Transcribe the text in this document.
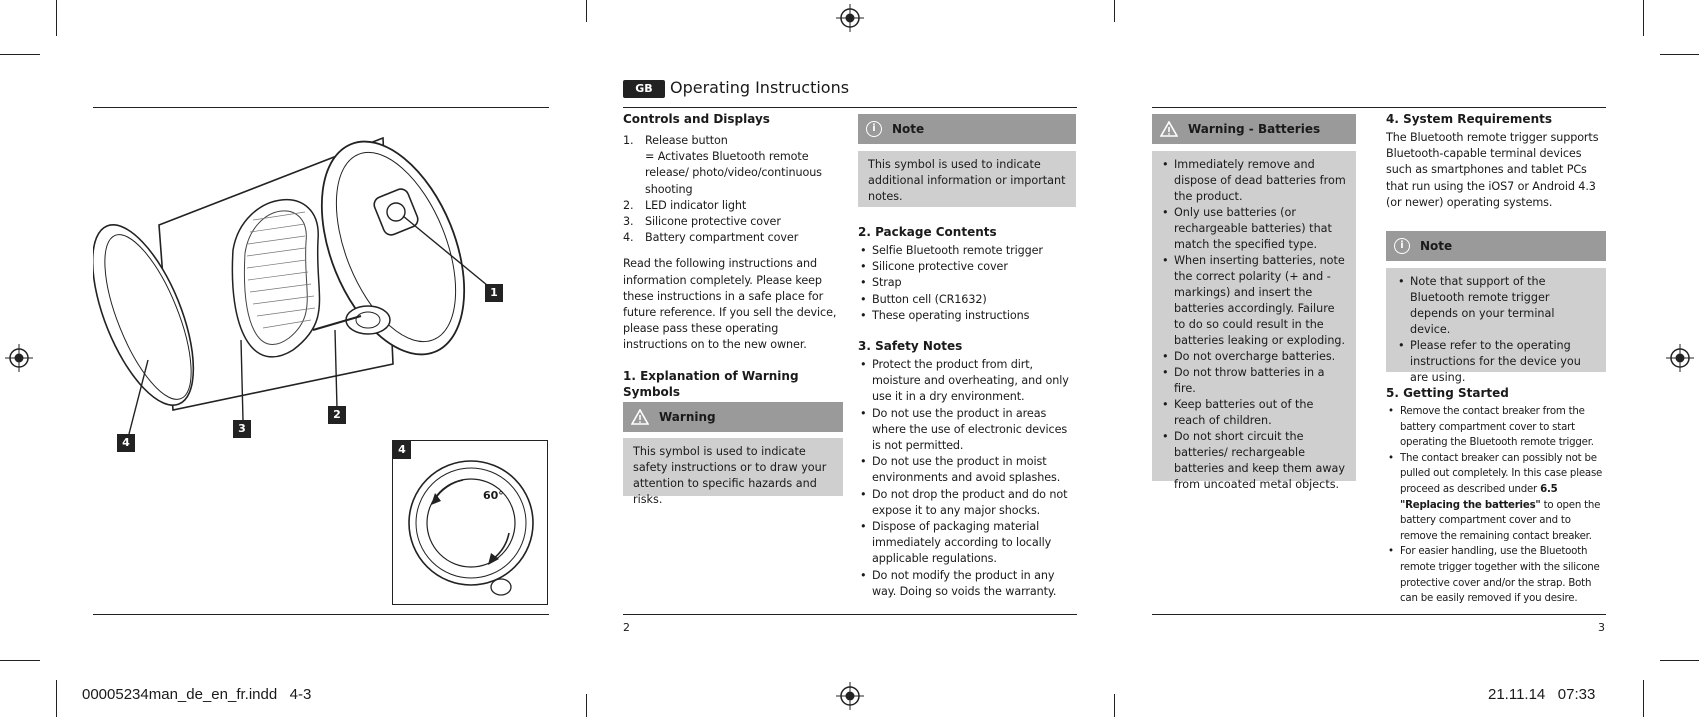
1
2
3
4
4
60°
GB	Operating Instructions
Controls and Displays
1.	Release button
= Activates Bluetooth remote release/ photo/video/continuous shooting
2.	LED indicator light
3.	Silicone protective cover
4.	Battery compartment cover
Read the following instructions and information completely. Please keep these instructions in a safe place for future reference. If you sell the device, please pass these operating instructions on to the new owner.
1. Explanation of Warning Symbols
Warning
This symbol is used to indicate safety instructions or to draw your attention to specific hazards and risks.
i	Note
This symbol is used to indicate additional information or important notes.
2. Package Contents
• Selfie Bluetooth remote trigger
• Silicone protective cover
• Strap
• Button cell (CR1632)
• These operating instructions
3. Safety Notes
• Protect the product from dirt, moisture and overheating, and only use it in a dry environment.
• Do not use the product in areas where the use of electronic devices is not permitted.
• Do not use the product in moist environments and avoid splashes.
• Do not drop the product and do not expose it to any major shocks.
• Dispose of packaging material immediately according to locally applicable regulations.
• Do not modify the product in any way. Doing so voids the warranty.
Warning - Batteries
• Immediately remove and dispose of dead batteries from the product.
• Only use batteries (or rechargeable batteries) that match the specified type.
• When inserting batteries, note the correct polarity (+ and - markings) and insert the batteries accordingly. Failure to do so could result in the batteries leaking or exploding.
• Do not overcharge batteries.
• Do not throw batteries in a fire.
• Keep batteries out of the reach of children.
• Do not short circuit the batteries/ rechargeable batteries and keep them away from uncoated metal objects.
4. System Requirements
The Bluetooth remote trigger supports Bluetooth-capable terminal devices such as smartphones and tablet PCs that run using the iOS7 or Android 4.3 (or newer) operating systems.
i	Note
• Note that support of the Bluetooth remote trigger depends on your terminal device.
• Please refer to the operating instructions for the device you are using.
5. Getting Started
• Remove the contact breaker from the battery compartment cover to start operating the Bluetooth remote trigger.
• The contact breaker can possibly not be pulled out completely. In this case please proceed as described under 6.5 "Replacing the batteries" to open the battery compartment cover and to remove the remaining contact breaker.
• For easier handling, use the Bluetooth remote trigger together with the silicone protective cover and/or the strap. Both can be easily removed if you desire.
2	3
00005234man_de_en_fr.indd   4-3	21.11.14   07:33
